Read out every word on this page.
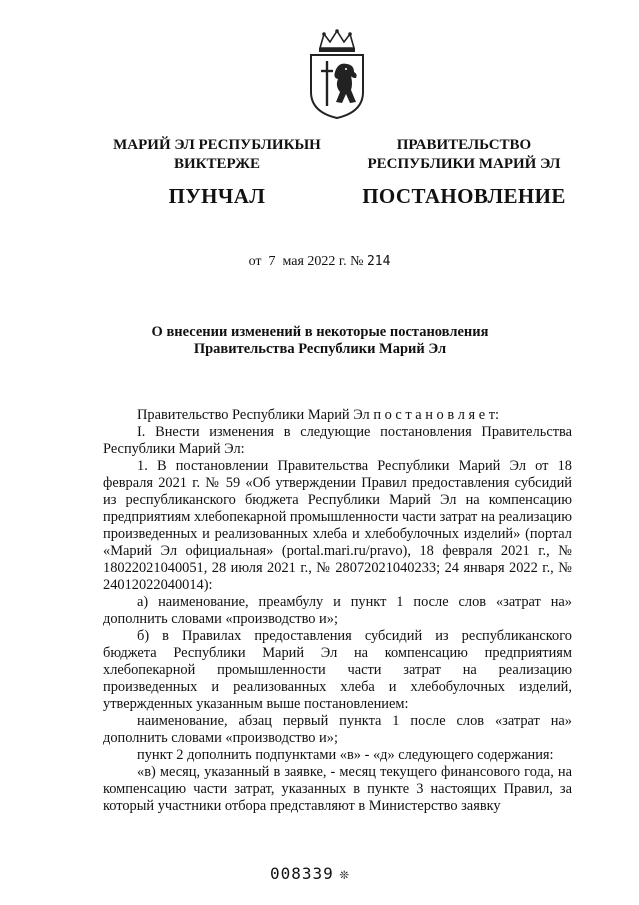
МАРИЙ ЭЛ РЕСПУБЛИКЫН
ВИКТЕРЖЕ
ПУНЧАЛ
ПРАВИТЕЛЬСТВО
РЕСПУБЛИКИ МАРИЙ ЭЛ
ПОСТАНОВЛЕНИЕ
от 7 мая 2022 г. № 214
О внесении изменений в некоторые постановления
Правительства Республики Марий Эл

Правительство Республики Марий Эл п о с т а н о в л я е т:

I. Внести изменения в следующие постановления Правительства Республики Марий Эл:

1. В постановлении Правительства Республики Марий Эл от 18 февраля 2021 г. № 59 «Об утверждении Правил предоставления субсидий из республиканского бюджета Республики Марий Эл на компенсацию предприятиям хлебопекарной промышленности части затрат на реализацию произведенных и реализованных хлеба и хлебобулочных изделий» (портал «Марий Эл официальная» (portal.mari.ru/pravo), 18 февраля 2021 г., № 18022021040051, 28 июля 2021 г., № 28072021040233; 24 января 2022 г., № 24012022040014):

а) наименование, преамбулу и пункт 1 после слов «затрат на» дополнить словами «производство и»;

б) в Правилах предоставления субсидий из республиканского бюджета Республики Марий Эл на компенсацию предприятиям хлебопекарной промышленности части затрат на реализацию произведенных и реализованных хлеба и хлебобулочных изделий, утвержденных указанным выше постановлением:

наименование, абзац первый пункта 1 после слов «затрат на» дополнить словами «производство и»;

пункт 2 дополнить подпунктами «в» - «д» следующего содержания:

«в) месяц, указанный в заявке, - месяц текущего финансового года, на компенсацию части затрат, указанных в пункте 3 настоящих Правил, за который участники отбора представляют в Министерство заявку

008339 ❊
